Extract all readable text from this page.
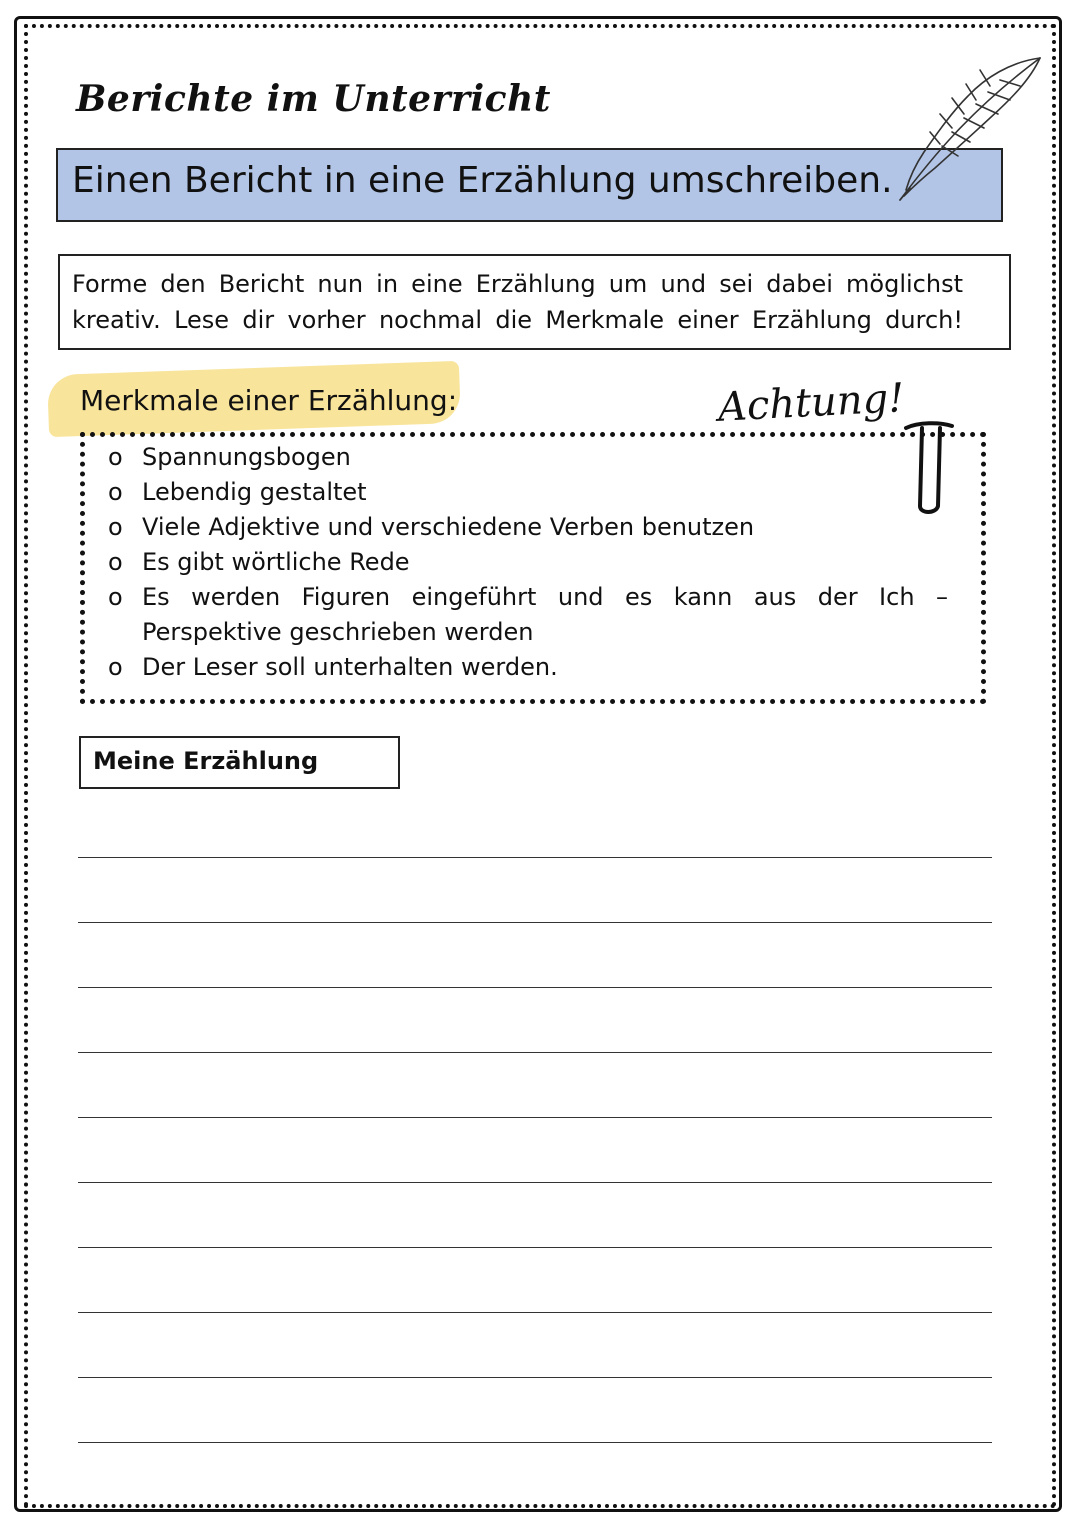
Berichte im Unterricht
Einen Bericht in eine Erzählung umschreiben.
Forme den Bericht nun in eine Erzählung um und sei dabei möglichst
kreativ. Lese dir vorher nochmal die Merkmale einer Erzählung durch!
Merkmale einer Erzählung:	Achtung!
o Spannungsbogen
o Lebendig gestaltet
o Viele Adjektive und verschiedene Verben benutzen
o Es gibt wörtliche Rede
o Es werden Figuren eingeführt und es kann aus der Ich – Perspektive geschrieben werden
o Der Leser soll unterhalten werden.
Meine Erzählung
